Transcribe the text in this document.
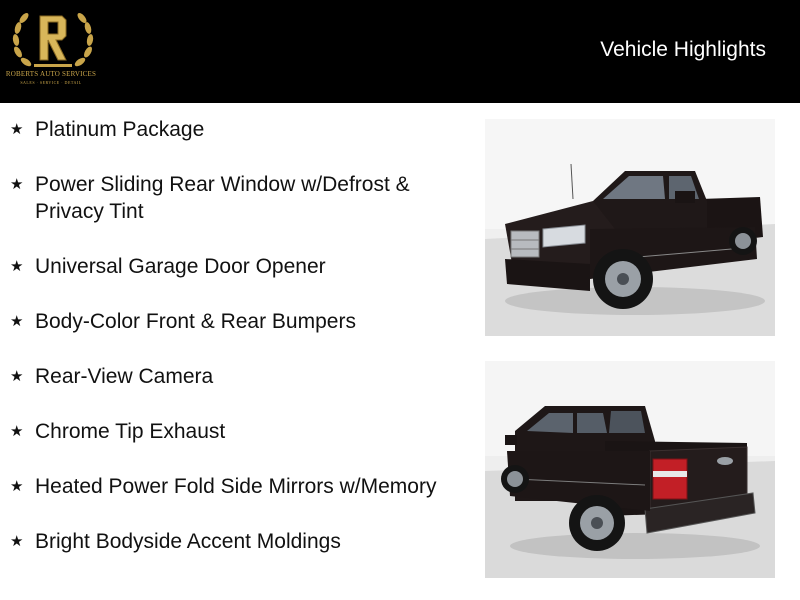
ROBERTS AUTO SERVICES
SALES · SERVICE · DETAIL
Vehicle Highlights
★ Platinum Package
★ Power Sliding Rear Window w/Defrost & Privacy Tint
★ Universal Garage Door Opener
★ Body-Color Front & Rear Bumpers
★ Rear-View Camera
★ Chrome Tip Exhaust
★ Heated Power Fold Side Mirrors w/Memory
★ Bright Bodyside Accent Moldings
